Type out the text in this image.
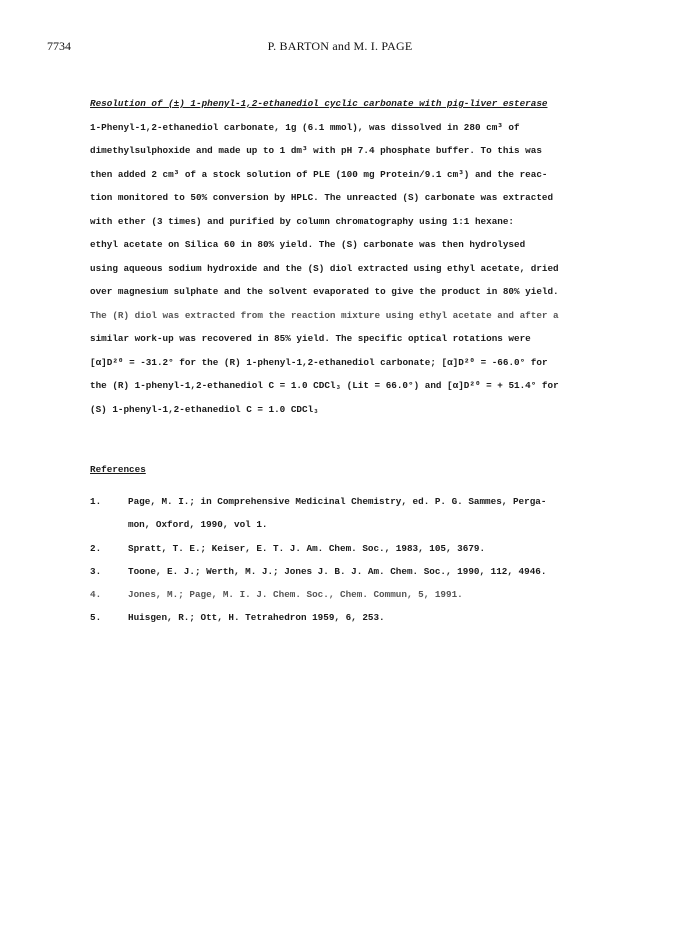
7734	P. BARTON and M. I. PAGE
Resolution of (±) 1-phenyl-1,2-ethanediol cyclic carbonate with pig-liver esterase
1-Phenyl-1,2-ethanediol carbonate, 1g (6.1 mmol), was dissolved in 280 cm³ of
dimethylsulphoxide and made up to 1 dm³ with pH 7.4 phosphate buffer. To this was
then added 2 cm³ of a stock solution of PLE (100 mg Protein/9.1 cm³) and the reac-
tion monitored to 50% conversion by HPLC. The unreacted (S) carbonate was extracted
with ether (3 times) and purified by column chromatography using 1:1 hexane:
ethyl acetate on Silica 60 in 80% yield. The (S) carbonate was then hydrolysed
using aqueous sodium hydroxide and the (S) diol extracted using ethyl acetate, dried
over magnesium sulphate and the solvent evaporated to give the product in 80% yield.
The (R) diol was extracted from the reaction mixture using ethyl acetate and after a
similar work-up was recovered in 85% yield. The specific optical rotations were
[α]D²⁰ = -31.2° for the (R) 1-phenyl-1,2-ethanediol carbonate; [α]D²⁰ = -66.0° for
the (R) 1-phenyl-1,2-ethanediol C = 1.0 CDCl₃ (Lit = 66.0°) and [α]D²⁰ = + 51.4° for
(S) 1-phenyl-1,2-ethanediol C = 1.0 CDCl₃
References
1.	Page, M. I.; in Comprehensive Medicinal Chemistry, ed. P. G. Sammes, Perga-
mon, Oxford, 1990, vol 1.
2.	Spratt, T. E.; Keiser, E. T. J. Am. Chem. Soc., 1983, 105, 3679.
3.	Toone, E. J.; Werth, M. J.; Jones J. B. J. Am. Chem. Soc., 1990, 112, 4946.
4.	Jones, M.; Page, M. I. J. Chem. Soc., Chem. Commun, 5, 1991.
5.	Huisgen, R.; Ott, H. Tetrahedron 1959, 6, 253.
